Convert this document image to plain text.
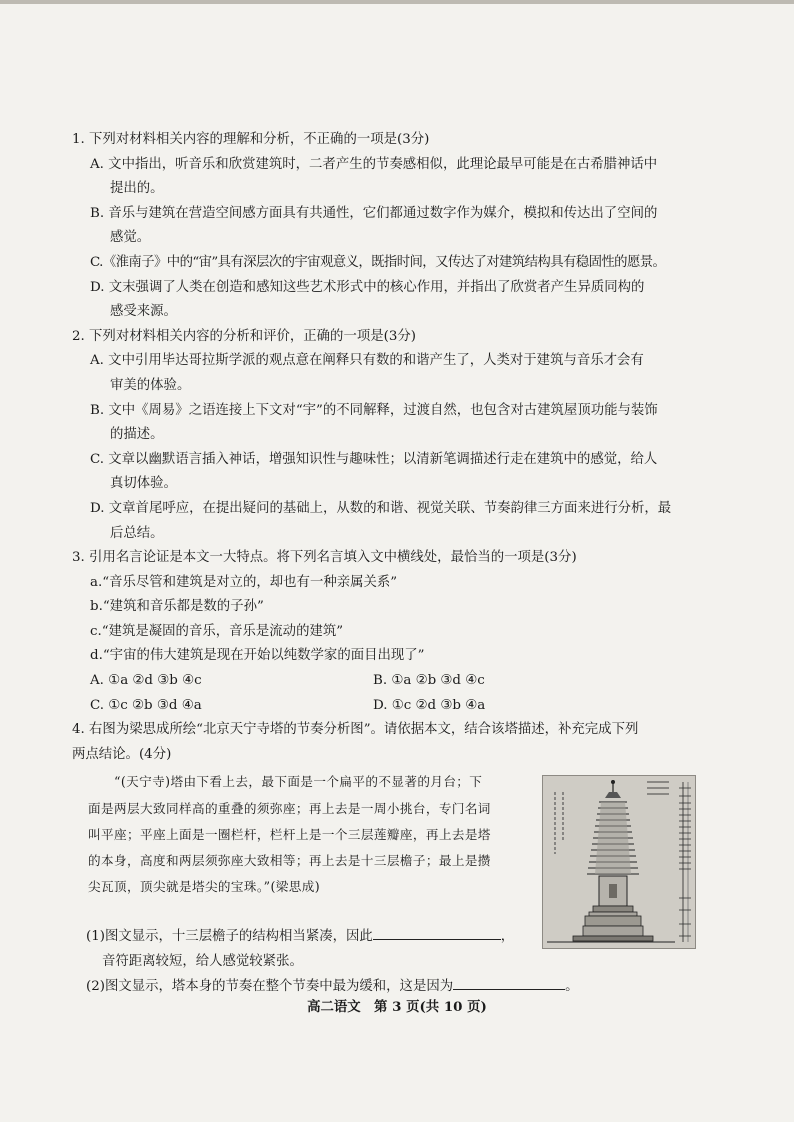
1. 下列对材料相关内容的理解和分析，不正确的一项是(3分)

A. 文中指出，听音乐和欣赏建筑时，二者产生的节奏感相似，此理论最早可能是在古希腊神话中

提出的。

B. 音乐与建筑在营造空间感方面具有共通性，它们都通过数字作为媒介，模拟和传达出了空间的

感觉。

C.《淮南子》中的“宙”具有深层次的宇宙观意义，既指时间，又传达了对建筑结构具有稳固性的愿景。

D. 文末强调了人类在创造和感知这些艺术形式中的核心作用，并指出了欣赏者产生异质同构的

感受来源。

2. 下列对材料相关内容的分析和评价，正确的一项是(3分)

A. 文中引用毕达哥拉斯学派的观点意在阐释只有数的和谐产生了，人类对于建筑与音乐才会有

审美的体验。

B. 文中《周易》之语连接上下文对“宇”的不同解释，过渡自然，也包含对古建筑屋顶功能与装饰

的描述。

C. 文章以幽默语言插入神话，增强知识性与趣味性；以清新笔调描述行走在建筑中的感觉，给人

真切体验。

D. 文章首尾呼应，在提出疑问的基础上，从数的和谐、视觉关联、节奏韵律三方面来进行分析，最

后总结。

3. 引用名言论证是本文一大特点。将下列名言填入文中横线处，最恰当的一项是(3分)

a.“音乐尽管和建筑是对立的，却也有一种亲属关系”

b.“建筑和音乐都是数的子孙”

c.“建筑是凝固的音乐，音乐是流动的建筑”

d.“宇宙的伟大建筑是现在开始以纯数学家的面目出现了”

A. ①a ②d ③b ④c	B. ①a ②b ③d ④c
C. ①c ②b ③d ④a	D. ①c ②d ③b ④a

4. 右图为梁思成所绘“北京天宁寺塔的节奏分析图”。请依据本文，结合该塔描述，补充完成下列

两点结论。(4分)

“(天宁寺)塔由下看上去，最下面是一个扁平的不显著的月台；下
面是两层大致同样高的重叠的须弥座；再上去是一周小挑台，专门名词
叫平座；平座上面是一圈栏杆，栏杆上是一个三层莲瓣座，再上去是塔
的本身，高度和两层须弥座大致相等；再上去是十三层檐子；最上是攒
尖瓦顶，顶尖就是塔尖的宝珠。”(梁思成)

(1)图文显示，十三层檐子的结构相当紧凑，因此	，

音符距离较短，给人感觉较紧张。

(2)图文显示，塔本身的节奏在整个节奏中最为缓和，这是因为	。

高二语文　第 3 页(共 10 页)
